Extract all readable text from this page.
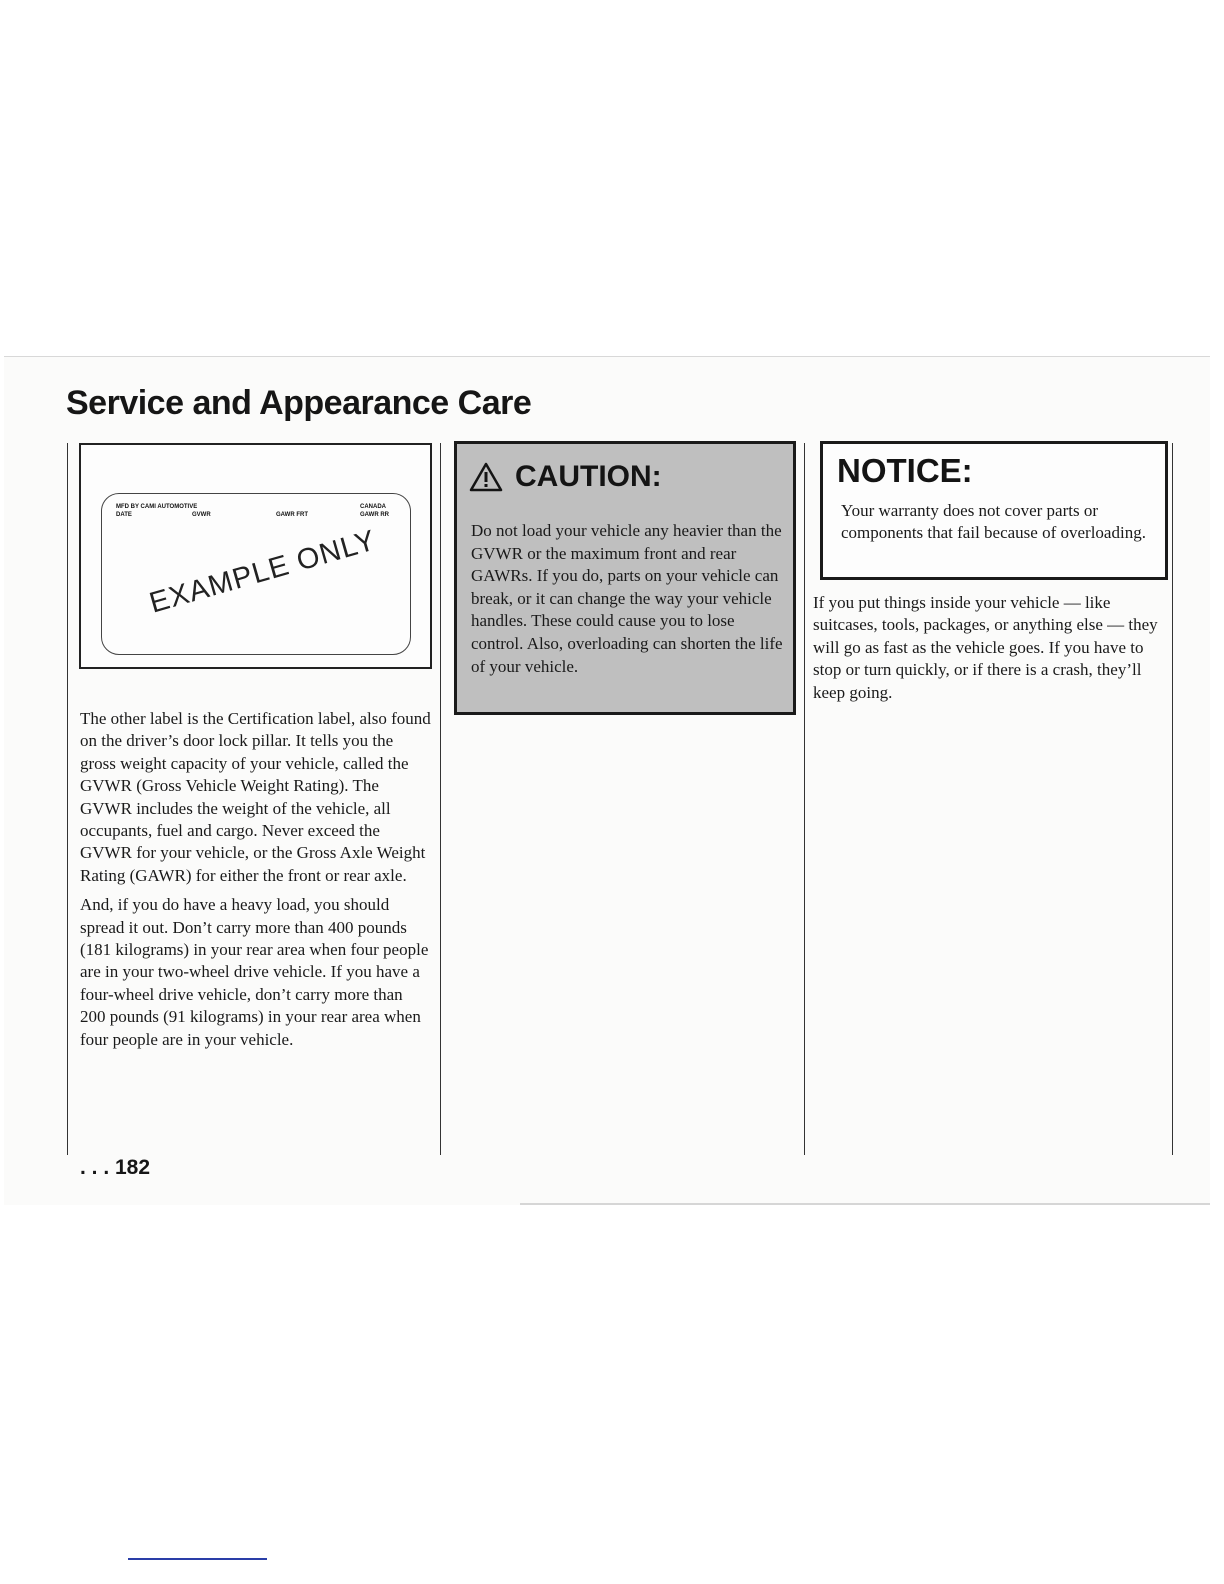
Service and Appearance Care
MFD BY CAMI AUTOMOTIVE	CANADA
DATE	GVWR	GAWR FRT	GAWR RR
EXAMPLE ONLY

The other label is the Certification label, also found on the driver’s door lock pillar. It tells you the gross weight capacity of your vehicle, called the GVWR (Gross Vehicle Weight Rating). The GVWR includes the weight of the vehicle, all occupants, fuel and cargo. Never exceed the GVWR for your vehicle, or the Gross Axle Weight Rating (GAWR) for either the front or rear axle.

And, if you do have a heavy load, you should spread it out. Don’t carry more than 400 pounds (181 kilograms) in your rear area when four people are in your two-wheel drive vehicle. If you have a four-wheel drive vehicle, don’t carry more than 200 pounds (91 kilograms) in your rear area when four people are in your vehicle.

CAUTION:

Do not load your vehicle any heavier than the GVWR or the maximum front and rear GAWRs. If you do, parts on your vehicle can break, or it can change the way your vehicle handles. These could cause you to lose control. Also, overloading can shorten the life of your vehicle.

NOTICE:

Your warranty does not cover parts or components that fail because of overloading.

If you put things inside your vehicle — like suitcases, tools, packages, or anything else — they will go as fast as the vehicle goes. If you have to stop or turn quickly, or if there is a crash, they’ll keep going.

. . . 182
